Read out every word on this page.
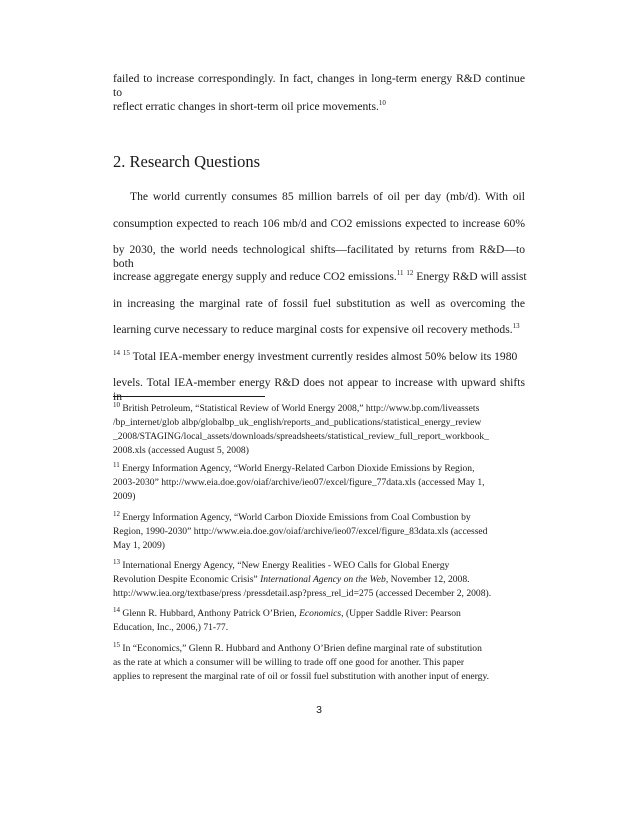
failed to increase correspondingly. In fact, changes in long-term energy R&D continue to
reflect erratic changes in short-term oil price movements.$^{10}$
2. Research Questions
The world currently consumes 85 million barrels of oil per day (mb/d). With oil
consumption expected to reach 106 mb/d and CO2 emissions expected to increase 60%
by 2030, the world needs technological shifts—facilitated by returns from R&D—to both
increase aggregate energy supply and reduce CO2 emissions.$^{11}$ $^{12}$ Energy R&D will assist
in increasing the marginal rate of fossil fuel substitution as well as overcoming the
learning curve necessary to reduce marginal costs for expensive oil recovery methods.$^{13}$
$^{14}$ $^{15}$ Total IEA-member energy investment currently resides almost 50% below its 1980
levels. Total IEA-member energy R&D does not appear to increase with upward shifts in
$^{10}$ British Petroleum, “Statistical Review of World Energy 2008,” http://www.bp.com/liveassets
/bp_internet/glob albp/globalbp_uk_english/reports_and_publications/statistical_energy_review
_2008/STAGING/local_assets/downloads/spreadsheets/statistical_review_full_report_workbook_
2008.xls (accessed August 5, 2008)
$^{11}$ Energy Information Agency, “World Energy-Related Carbon Dioxide Emissions by Region,
2003-2030” http://www.eia.doe.gov/oiaf/archive/ieo07/excel/figure_77data.xls (accessed May 1,
2009)
$^{12}$ Energy Information Agency, “World Carbon Dioxide Emissions from Coal Combustion by
Region, 1990-2030” http://www.eia.doe.gov/oiaf/archive/ieo07/excel/figure_83data.xls (accessed
May 1, 2009)
$^{13}$ International Energy Agency, “New Energy Realities - WEO Calls for Global Energy
Revolution Despite Economic Crisis” International Agency on the Web, November 12, 2008.
http://www.iea.org/textbase/press /pressdetail.asp?press_rel_id=275 (accessed December 2, 2008).
$^{14}$ Glenn R. Hubbard, Anthony Patrick O’Brien, Economics, (Upper Saddle River: Pearson
Education, Inc., 2006,) 71-77.
$^{15}$ In “Economics,” Glenn R. Hubbard and Anthony O’Brien define marginal rate of substitution
as the rate at which a consumer will be willing to trade off one good for another. This paper
applies to represent the marginal rate of oil or fossil fuel substitution with another input of energy.
3
